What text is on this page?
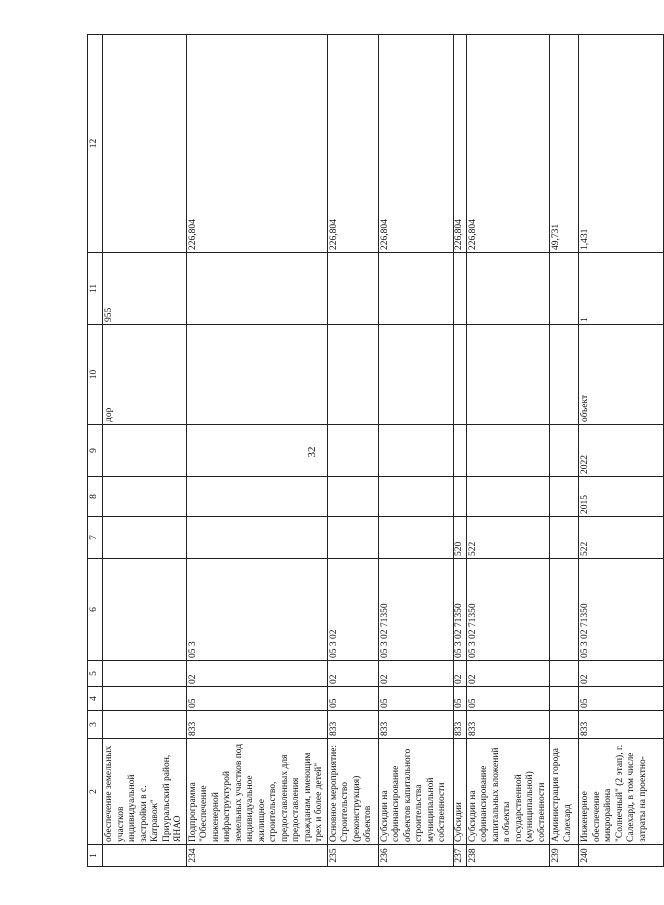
32
1	2	3	4	5	6	7	8	9	10	11	12
	обеспечение земельных участков индивидуальной застройки в с. Катравож" Приуральский район, ЯНАО								дор	955	
234	Подпрограмма "Обеспечение инженерной инфраструктурой земельных участков под индивидуальное жилищное строительство, предоставленных для предоставления гражданам, имеющим трех и более детей"	833	05	02	05 3						226,804
235	Основное мероприятие: Строительство (реконструкция) объектов	833	05	02	05 3 02						226,804
236	Субсидии на софинансирование объектов капитального строительства муниципальной собственности	833	05	02	05 3 02 71350						226,804
237	Субсидии	833	05	02	05 3 02 71350	520					226,804
238	Субсидии на софинансирование капитальных вложений в объекты государственной (муниципальной) собственности	833	05	02	05 3 02 71350	522					226,804
239	Администрация города Салехард										49,731
240	Инженерное обеспечение микрорайона "Солнечный" (2 этап), г. Салехард, в том числе затраты на проектно-	833	05	02	05 3 02 71350	522	2015	2022	объект	1	1,431
